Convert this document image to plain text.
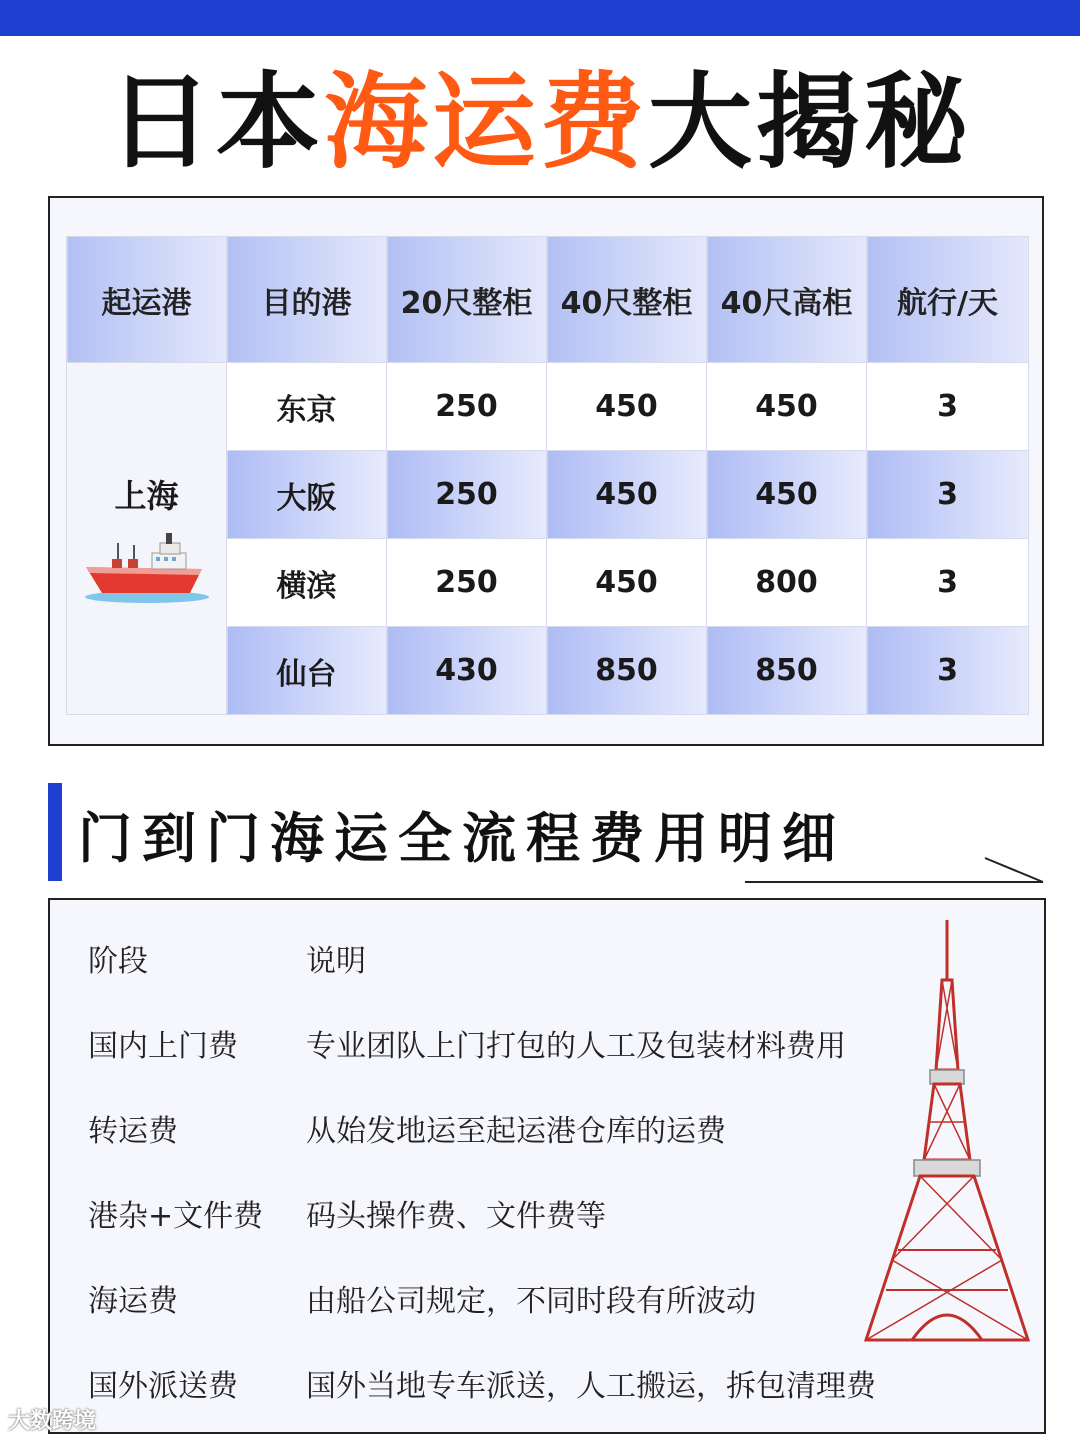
日本海运费大揭秘
起运港	目的港	20尺整柜	40尺整柜	40尺高柜	航行/天

上海	东京	250	450	450	3
	大阪	250	450	450	3
	横滨	250	450	800	3
	仙台	430	850	850	3
门到门海运全流程费用明细
阶段	说明
国内上门费	专业团队上门打包的人工及包装材料费用
转运费	从始发地运至起运港仓库的运费
港杂+文件费	码头操作费、文件费等
海运费	由船公司规定，不同时段有所波动
国外派送费	国外当地专车派送，人工搬运，拆包清理费
大数跨境
